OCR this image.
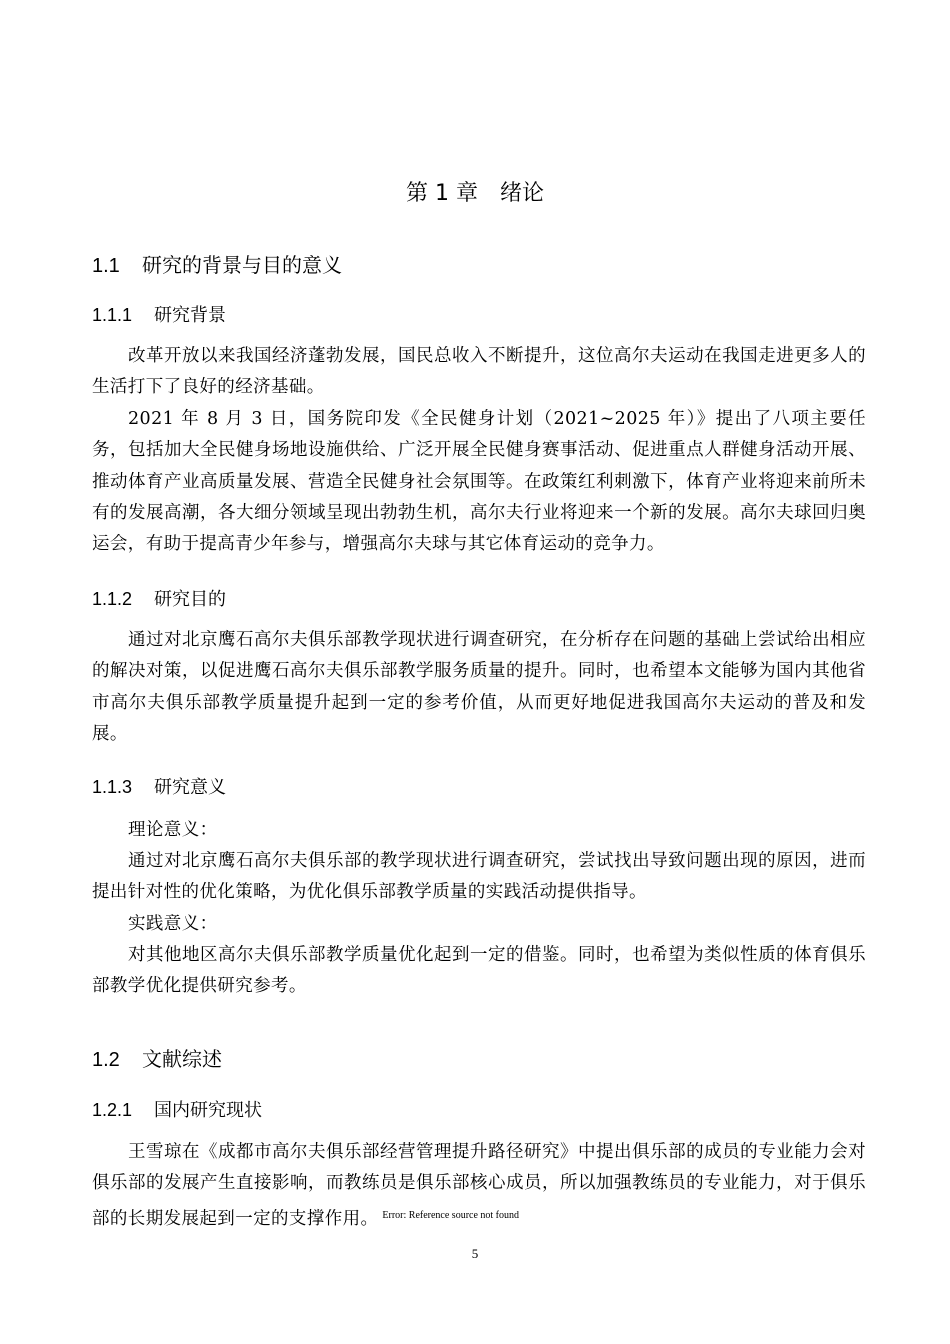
第 1 章　绪论
1.1 研究的背景与目的意义
1.1.1 研究背景

改革开放以来我国经济蓬勃发展，国民总收入不断提升，这位高尔夫运动在我国走进更多人的生活打下了良好的经济基础。

2021 年 8 月 3 日，国务院印发《全民健身计划（2021~2025 年）》提出了八项主要任务，包括加大全民健身场地设施供给、广泛开展全民健身赛事活动、促进重点人群健身活动开展、推动体育产业高质量发展、营造全民健身社会氛围等。在政策红利刺激下，体育产业将迎来前所未有的发展高潮，各大细分领域呈现出勃勃生机，高尔夫行业将迎来一个新的发展。高尔夫球回归奥运会，有助于提高青少年参与，增强高尔夫球与其它体育运动的竞争力。

1.1.2 研究目的

通过对北京鹰石高尔夫俱乐部教学现状进行调查研究，在分析存在问题的基础上尝试给出相应的解决对策，以促进鹰石高尔夫俱乐部教学服务质量的提升。同时，也希望本文能够为国内其他省市高尔夫俱乐部教学质量提升起到一定的参考价值，从而更好地促进我国高尔夫运动的普及和发展。

1.1.3 研究意义

理论意义：

通过对北京鹰石高尔夫俱乐部的教学现状进行调查研究，尝试找出导致问题出现的原因，进而提出针对性的优化策略，为优化俱乐部教学质量的实践活动提供指导。

实践意义：

对其他地区高尔夫俱乐部教学质量优化起到一定的借鉴。同时，也希望为类似性质的体育俱乐部教学优化提供研究参考。

1.2 文献综述
1.2.1 国内研究现状

王雪琼在《成都市高尔夫俱乐部经营管理提升路径研究》中提出俱乐部的成员的专业能力会对俱乐部的发展产生直接影响，而教练员是俱乐部核心成员，所以加强教练员的专业能力，对于俱乐部的长期发展起到一定的支撑作用。 $^{Error: Reference source not found}$

5
